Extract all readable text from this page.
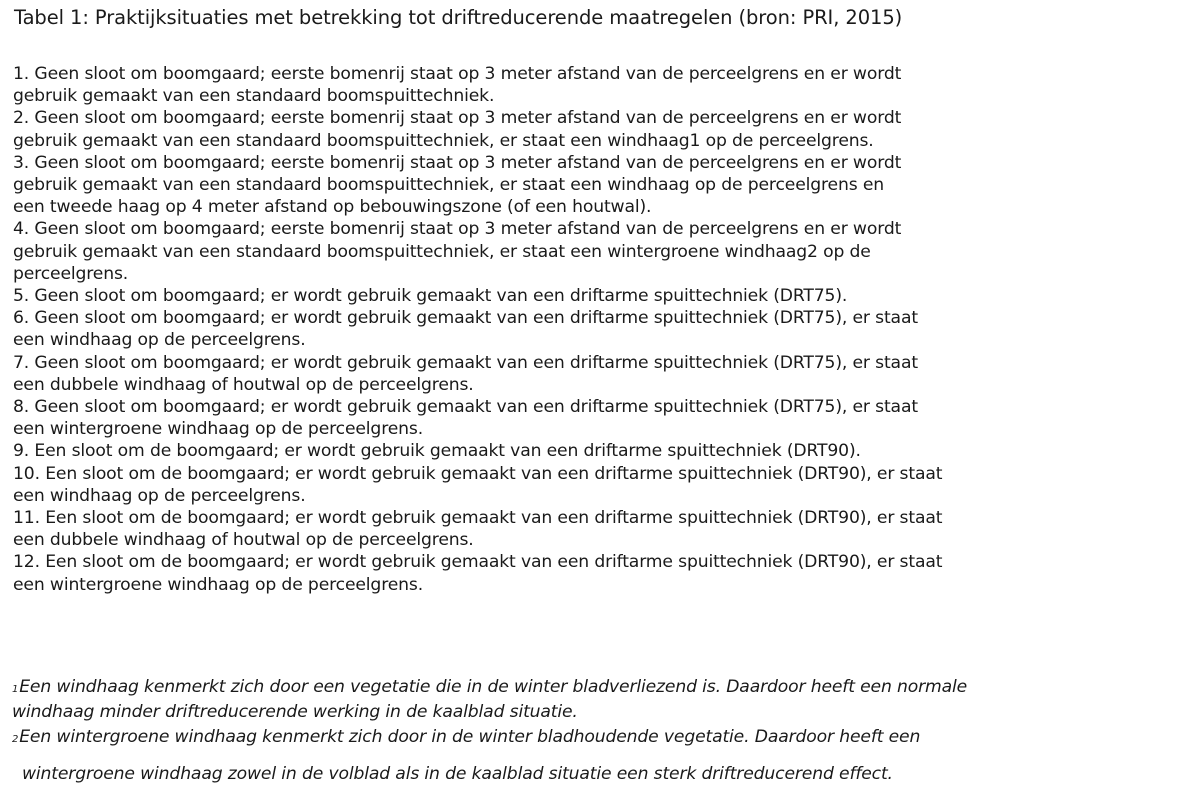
Tabel 1: Praktijksituaties met betrekking tot driftreducerende maatregelen (bron: PRI, 2015)
1. Geen sloot om boomgaard; eerste bomenrij staat op 3 meter afstand van de perceelgrens en er wordt
gebruik gemaakt van een standaard boomspuittechniek.
2. Geen sloot om boomgaard; eerste bomenrij staat op 3 meter afstand van de perceelgrens en er wordt
gebruik gemaakt van een standaard boomspuittechniek, er staat een windhaag1 op de perceelgrens.
3. Geen sloot om boomgaard; eerste bomenrij staat op 3 meter afstand van de perceelgrens en er wordt
gebruik gemaakt van een standaard boomspuittechniek, er staat een windhaag op de perceelgrens en
een tweede haag op 4 meter afstand op bebouwingszone (of een houtwal).
4. Geen sloot om boomgaard; eerste bomenrij staat op 3 meter afstand van de perceelgrens en er wordt
gebruik gemaakt van een standaard boomspuittechniek, er staat een wintergroene windhaag2 op de
perceelgrens.
5. Geen sloot om boomgaard; er wordt gebruik gemaakt van een driftarme spuittechniek (DRT75).
6. Geen sloot om boomgaard; er wordt gebruik gemaakt van een driftarme spuittechniek (DRT75), er staat
een windhaag op de perceelgrens.
7. Geen sloot om boomgaard; er wordt gebruik gemaakt van een driftarme spuittechniek (DRT75), er staat
een dubbele windhaag of houtwal op de perceelgrens.
8. Geen sloot om boomgaard; er wordt gebruik gemaakt van een driftarme spuittechniek (DRT75), er staat
een wintergroene windhaag op de perceelgrens.
9. Een sloot om de boomgaard; er wordt gebruik gemaakt van een driftarme spuittechniek (DRT90).
10. Een sloot om de boomgaard; er wordt gebruik gemaakt van een driftarme spuittechniek (DRT90), er staat
een windhaag op de perceelgrens.
11. Een sloot om de boomgaard; er wordt gebruik gemaakt van een driftarme spuittechniek (DRT90), er staat
een dubbele windhaag of houtwal op de perceelgrens.
12. Een sloot om de boomgaard; er wordt gebruik gemaakt van een driftarme spuittechniek (DRT90), er staat
een wintergroene windhaag op de perceelgrens.
1Een windhaag kenmerkt zich door een vegetatie die in de winter bladverliezend is. Daardoor heeft een normale
windhaag minder driftreducerende werking in de kaalblad situatie.
2Een wintergroene windhaag kenmerkt zich door in de winter bladhoudende vegetatie. Daardoor heeft een
wintergroene windhaag zowel in de volblad als in de kaalblad situatie een sterk driftreducerend effect.
